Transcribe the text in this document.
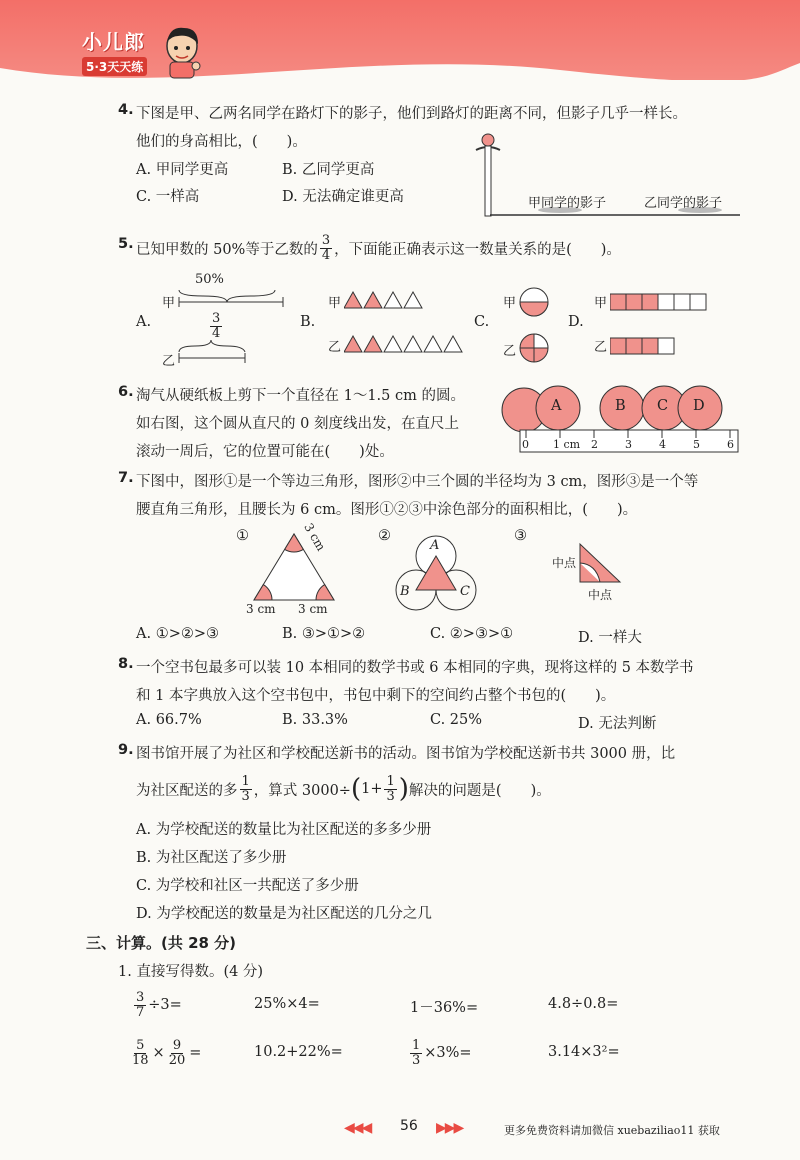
小儿郎
5·3天天练
4. 下图是甲、乙两名同学在路灯下的影子，他们到路灯的距离不同，但影子几乎一样长。
他们的身高相比，(　　)。
A. 甲同学更高	B. 乙同学更高
C. 一样高	D. 无法确定谁更高	甲同学的影子	乙同学的影子
5. 已知甲数的 50%等于乙数的 $\frac{3}{4}$ ，下面能正确表示这一数量关系的是(　　)。
A.
50%
甲
乙
$\frac{3}{4}$	B.
甲
乙
C.
甲
乙
D.
甲
乙
6. 淘气从硬纸板上剪下一个直径在 1～1.5 cm 的圆。
如右图，这个圆从直尺的 0 刻度线出发，在直尺上
滚动一周后，它的位置可能在(　　)处。
A	B C D
0 1 cm 2 3 4 5 6
7. 下图中，图形①是一个等边三角形，图形②中三个圆的半径均为 3 cm，图形③是一个等
腰直角三角形，且腰长为 6 cm。图形①②③中涂色部分的面积相比，(　　)。
①	②	③
3 cm
3 cm 3 cm
A
B	C
中点
中点
A. ①>②>③	B. ③>①>②	C. ②>③>①	D. 一样大
8. 一个空书包最多可以装 10 本相同的数学书或 6 本相同的字典，现将这样的 5 本数学书
和 1 本字典放入这个空书包中，书包中剩下的空间约占整个书包的(　　)。
A. 66.7%	B. 33.3%	C. 25%	D. 无法判断
9. 图书馆开展了为社区和学校配送新书的活动。图书馆为学校配送新书共 3000 册，比
为社区配送的多 $\frac{1}{3}$ ，算式 3000÷ ( $1+ \frac{1}{3}$ ) 解决的问题是(　　)。
A. 为学校配送的数量比为社区配送的多多少册
B. 为社区配送了多少册
C. 为学校和社区一共配送了多少册
D. 为学校配送的数量是为社区配送的几分之几
三、计算。(共 28 分)
1. 直接写得数。(4 分)
$\frac{3}{7} \div 3=$	25%×4=	1－36%=	4.8÷0.8=
$\frac{5}{18} \times \frac{9}{20}$ =	10.2+22%=	$\frac{1}{3} \times 3\%=$	3.14×3²=
◀◀◀ 56 ▶▶▶	更多免费资料请加微信 xuebaziliao11 获取
